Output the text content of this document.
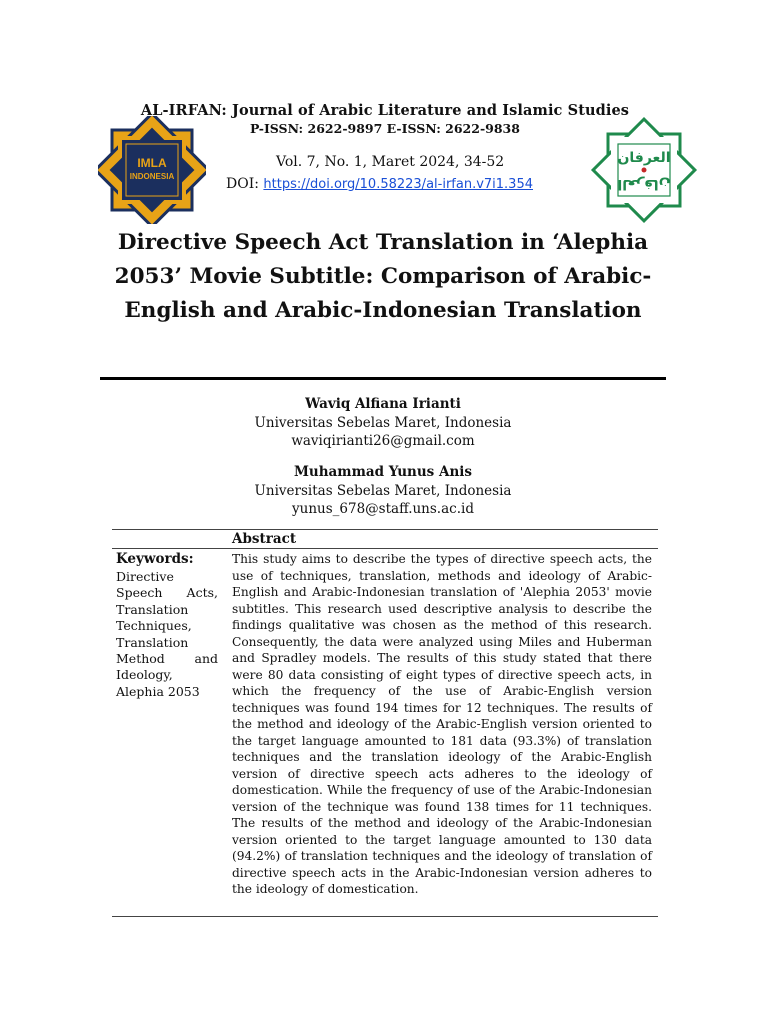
IMLA
INDONESIA
العرفان
العرفان
AL-IRFAN: Journal of Arabic Literature and Islamic Studies
P-ISSN: 2622-9897 E-ISSN: 2622-9838
Vol. 7, No. 1, Maret 2024, 34-52
DOI: https://doi.org/10.58223/al-irfan.v7i1.354
Directive Speech Act Translation in ‘Alephia 2053’ Movie Subtitle: Comparison of Arabic-English and Arabic-Indonesian Translation
Waviq Alfiana Irianti
Universitas Sebelas Maret, Indonesia
waviqirianti26@gmail.com
Muhammad Yunus Anis
Universitas Sebelas Maret, Indonesia
yunus_678@staff.uns.ac.id
Abstract
Keywords:
Directive Speech Acts, Translation Techniques, Translation Method and Ideology, Alephia 2053
This study aims to describe the types of directive speech acts, the use of techniques, translation, methods and ideology of Arabic-English and Arabic-Indonesian translation of 'Alephia 2053' movie subtitles. This research used descriptive analysis to describe the findings qualitative was chosen as the method of this research. Consequently, the data were analyzed using Miles and Huberman and Spradley models. The results of this study stated that there were 80 data consisting of eight types of directive speech acts, in which the frequency of the use of Arabic-English version techniques was found 194 times for 12 techniques. The results of the method and ideology of the Arabic-English version oriented to the target language amounted to 181 data (93.3%) of translation techniques and the translation ideology of the Arabic-English version of directive speech acts adheres to the ideology of domestication. While the frequency of use of the Arabic-Indonesian version of the technique was found 138 times for 11 techniques. The results of the method and ideology of the Arabic-Indonesian version oriented to the target language amounted to 130 data (94.2%) of translation techniques and the ideology of translation of directive speech acts in the Arabic-Indonesian version adheres to the ideology of domestication.
